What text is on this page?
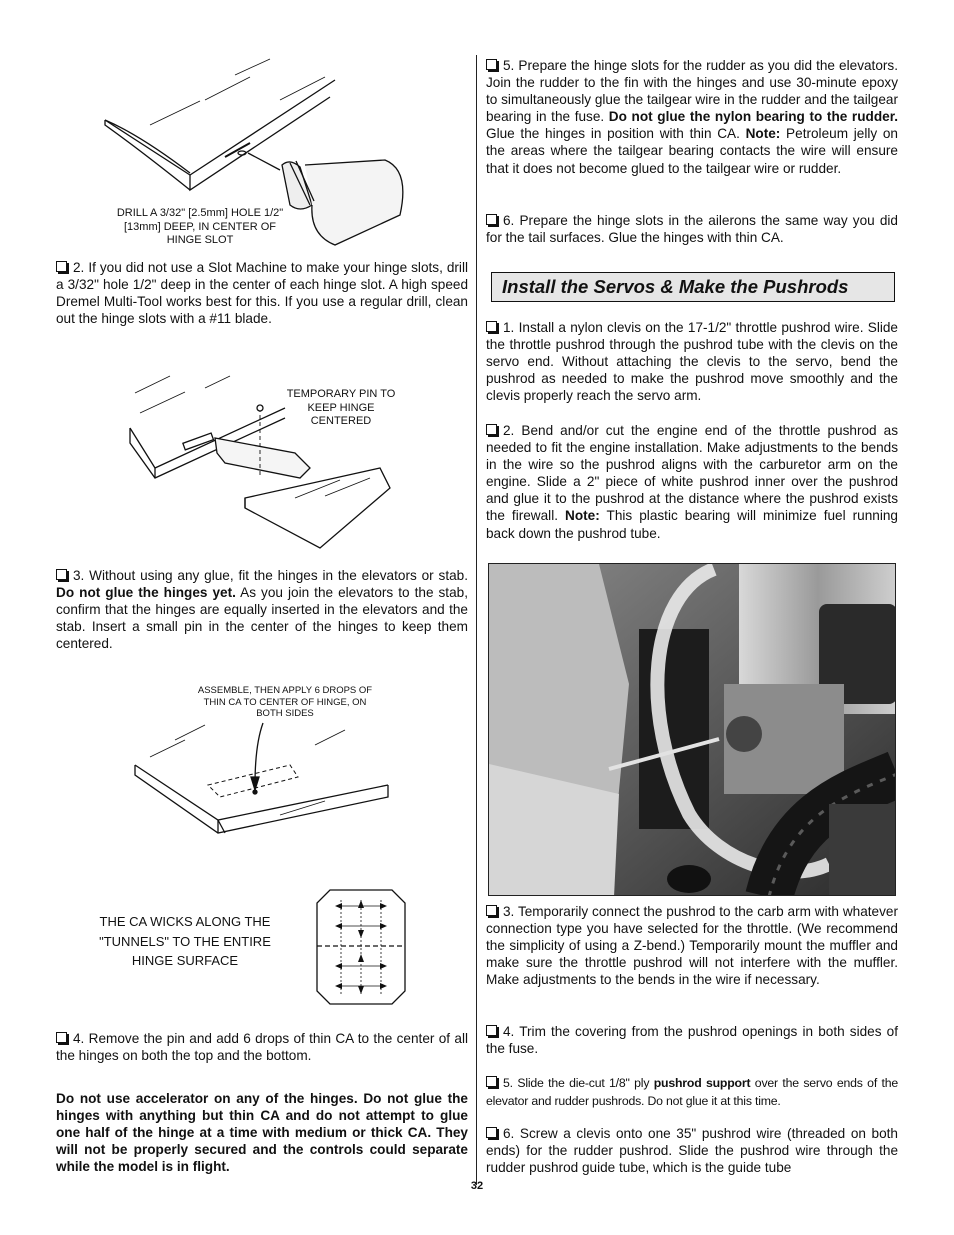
DRILL A 3/32" [2.5mm] HOLE 1/2" [13mm] DEEP, IN CENTER OF HINGE SLOT

2. If you did not use a Slot Machine to make your hinge slots, drill a 3/32" hole 1/2" deep in the center of each hinge slot. A high speed Dremel Multi-Tool works best for this. If you use a regular drill, clean out the hinge slots with a #11 blade.

TEMPORARY PIN TO KEEP HINGE CENTERED

3. Without using any glue, fit the hinges in the elevators or stab. Do not glue the hinges yet. As you join the elevators to the stab, confirm that the hinges are equally inserted in the elevators and the stab. Insert a small pin in the center of the hinges to keep them centered.

ASSEMBLE, THEN APPLY 6 DROPS OF THIN CA TO CENTER OF HINGE, ON BOTH SIDES
THE CA WICKS ALONG THE "TUNNELS" TO THE ENTIRE HINGE SURFACE

4. Remove the pin and add 6 drops of thin CA to the center of all the hinges on both the top and the bottom.

Do not use accelerator on any of the hinges. Do not glue the hinges with anything but thin CA and do not attempt to glue one half of the hinge at a time with medium or thick CA. They will not be properly secured and the controls could separate while the model is in flight.

5. Prepare the hinge slots for the rudder as you did the elevators. Join the rudder to the fin with the hinges and use 30-minute epoxy to simultaneously glue the tailgear wire in the rudder and the tailgear bearing in the fuse. Do not glue the nylon bearing to the rudder. Glue the hinges in position with thin CA. Note: Petroleum jelly on the areas where the tailgear bearing contacts the wire will ensure that it does not become glued to the tailgear wire or rudder.

6. Prepare the hinge slots in the ailerons the same way you did for the tail surfaces. Glue the hinges with thin CA.

Install the Servos & Make the Pushrods

1. Install a nylon clevis on the 17-1/2" throttle pushrod wire. Slide the throttle pushrod through the pushrod tube with the clevis on the servo end. Without attaching the clevis to the servo, bend the pushrod as needed to make the pushrod move smoothly and the clevis properly reach the servo arm.

2. Bend and/or cut the engine end of the throttle pushrod as needed to fit the engine installation. Make adjustments to the bends in the wire so the pushrod aligns with the carburetor arm on the engine. Slide a 2" piece of white pushrod inner over the pushrod and glue it to the pushrod at the distance where the pushrod exists the firewall. Note: This plastic bearing will minimize fuel running back down the pushrod tube.

3. Temporarily connect the pushrod to the carb arm with whatever connection type you have selected for the throttle. (We recommend the simplicity of using a Z-bend.) Temporarily mount the muffler and make sure the throttle pushrod will not interfere with the muffler. Make adjustments to the bends in the wire if necessary.

4. Trim the covering from the pushrod openings in both sides of the fuse.

5. Slide the die-cut 1/8" ply pushrod support over the servo ends of the elevator and rudder pushrods. Do not glue it at this time.

6. Screw a clevis onto one 35" pushrod wire (threaded on both ends) for the rudder pushrod. Slide the pushrod wire through the rudder pushrod guide tube, which is the guide tube

32
